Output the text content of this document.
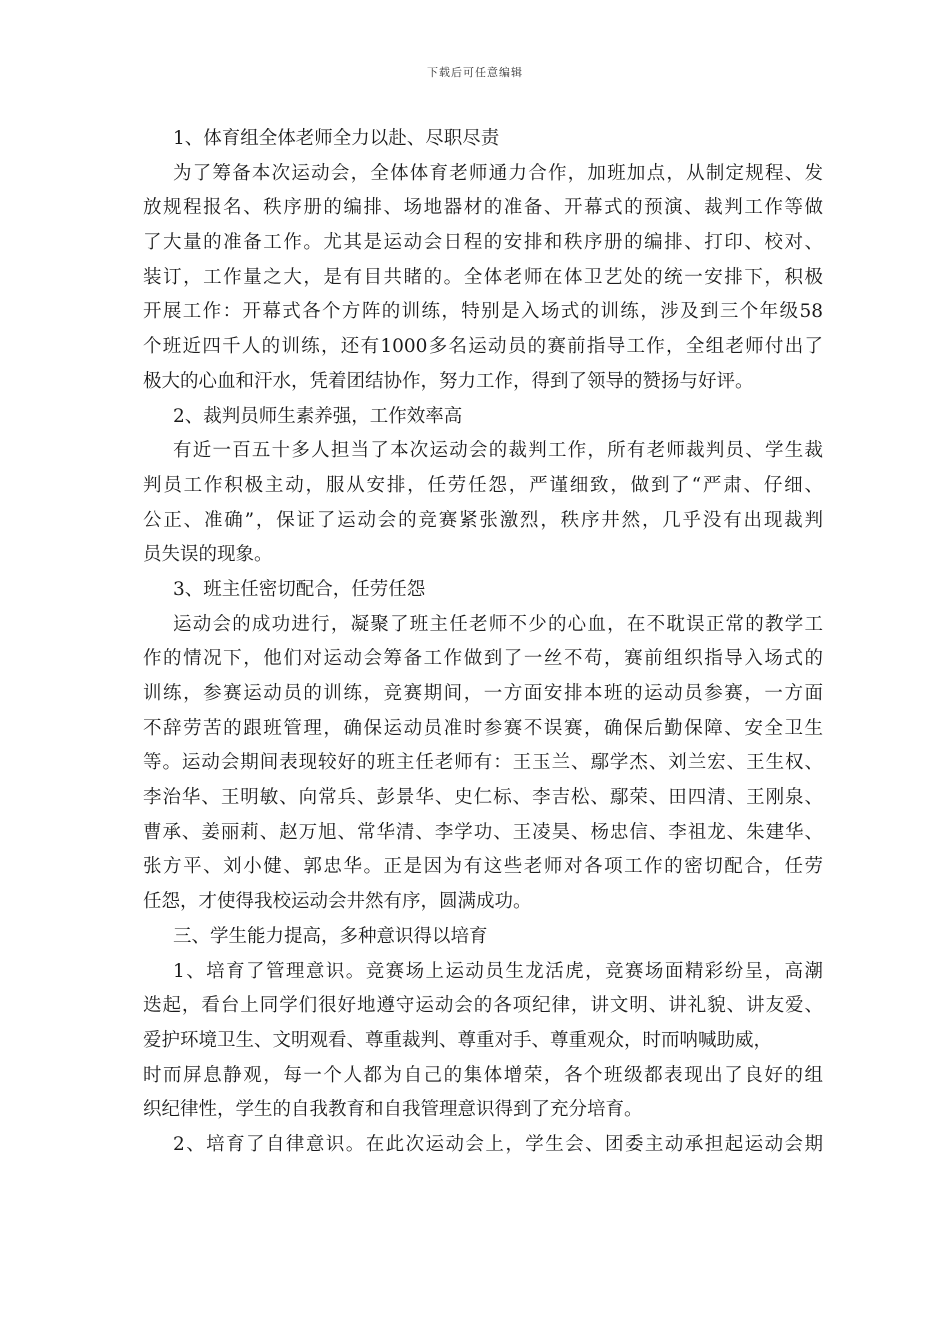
下载后可任意编辑
1、体育组全体老师全力以赴、尽职尽责
为了筹备本次运动会，全体体育老师通力合作，加班加点，从制定规程、发
放规程报名、秩序册的编排、场地器材的准备、开幕式的预演、裁判工作等做
了大量的准备工作。尤其是运动会日程的安排和秩序册的编排、打印、校对、
装订，工作量之大，是有目共睹的。全体老师在体卫艺处的统一安排下，积极
开展工作：开幕式各个方阵的训练，特别是入场式的训练，涉及到三个年级58
个班近四千人的训练，还有1000多名运动员的赛前指导工作，全组老师付出了
极大的心血和汗水，凭着团结协作，努力工作，得到了领导的赞扬与好评。
2、裁判员师生素养强，工作效率高
有近一百五十多人担当了本次运动会的裁判工作，所有老师裁判员、学生裁
判员工作积极主动，服从安排，任劳任怨，严谨细致，做到了“严肃、仔细、
公正、准确”，保证了运动会的竞赛紧张激烈，秩序井然，几乎没有出现裁判
员失误的现象。
3、班主任密切配合，任劳任怨
运动会的成功进行，凝聚了班主任老师不少的心血，在不耽误正常的教学工
作的情况下，他们对运动会筹备工作做到了一丝不苟，赛前组织指导入场式的
训练，参赛运动员的训练，竞赛期间，一方面安排本班的运动员参赛，一方面
不辞劳苦的跟班管理，确保运动员准时参赛不误赛，确保后勤保障、安全卫生
等。运动会期间表现较好的班主任老师有：王玉兰、鄢学杰、刘兰宏、王生权、
李治华、王明敏、向常兵、彭景华、史仁标、李吉松、鄢荣、田四清、王刚泉、
曹承、姜丽莉、赵万旭、常华清、李学功、王凌昊、杨忠信、李祖龙、朱建华、
张方平、刘小健、郭忠华。正是因为有这些老师对各项工作的密切配合，任劳
任怨，才使得我校运动会井然有序，圆满成功。
三、学生能力提高，多种意识得以培育
1、培育了管理意识。竞赛场上运动员生龙活虎，竞赛场面精彩纷呈，高潮
迭起，看台上同学们很好地遵守运动会的各项纪律，讲文明、讲礼貌、讲友爱、
爱护环境卫生、文明观看、尊重裁判、尊重对手、尊重观众，时而呐喊助威，
时而屏息静观，每一个人都为自己的集体增荣，各个班级都表现出了良好的组
织纪律性，学生的自我教育和自我管理意识得到了充分培育。
2、培育了自律意识。在此次运动会上，学生会、团委主动承担起运动会期
